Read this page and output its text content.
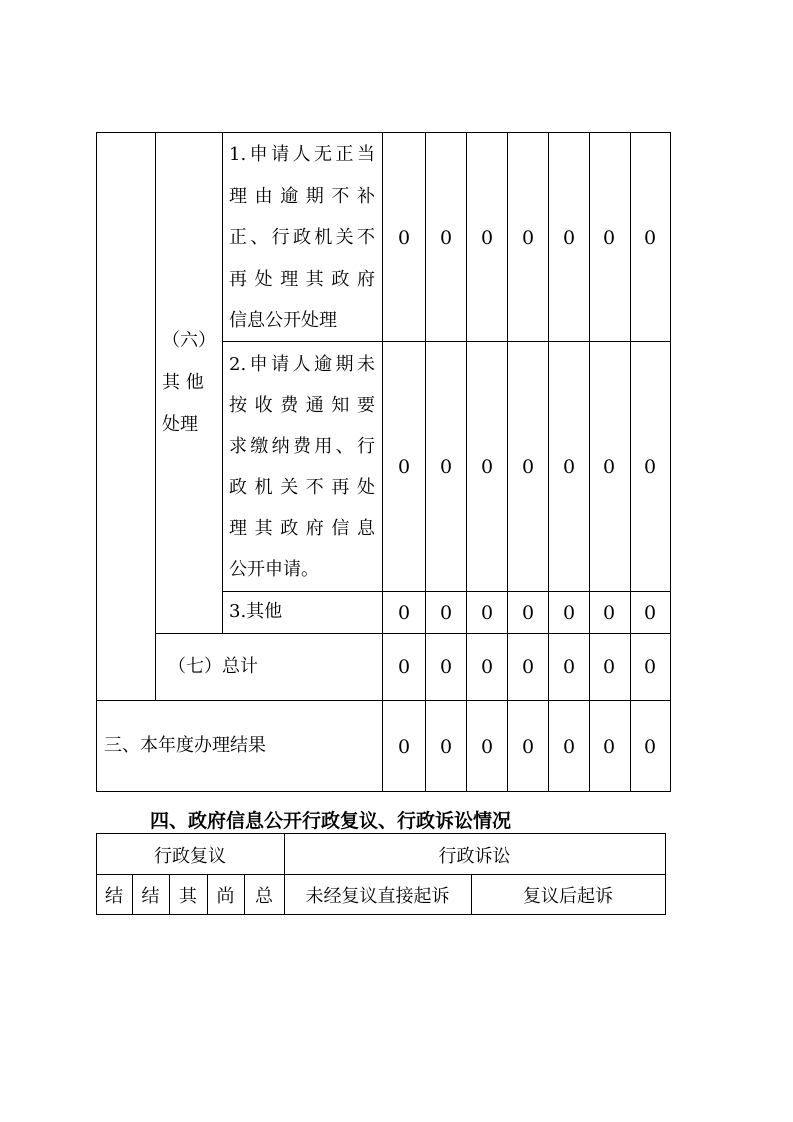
（六）
其 他
处理
1.申请人无正当
理由逾期不补
正、行政机关不
再处理其政府
信息公开处理
0	0	0	0	0	0	0
2.申请人逾期未
按收费通知要
求缴纳费用、行
政机关不再处
理其政府信息
公开申请。
0	0	0	0	0	0	0
3.其他	0	0	0	0	0	0	0
（七）总计	0	0	0	0	0	0	0
三、本年度办理结果	0	0	0	0	0	0	0
四、政府信息公开行政复议、行政诉讼情况
行政复议	行政诉讼
结	结	其	尚	总	未经复议直接起诉	复议后起诉
